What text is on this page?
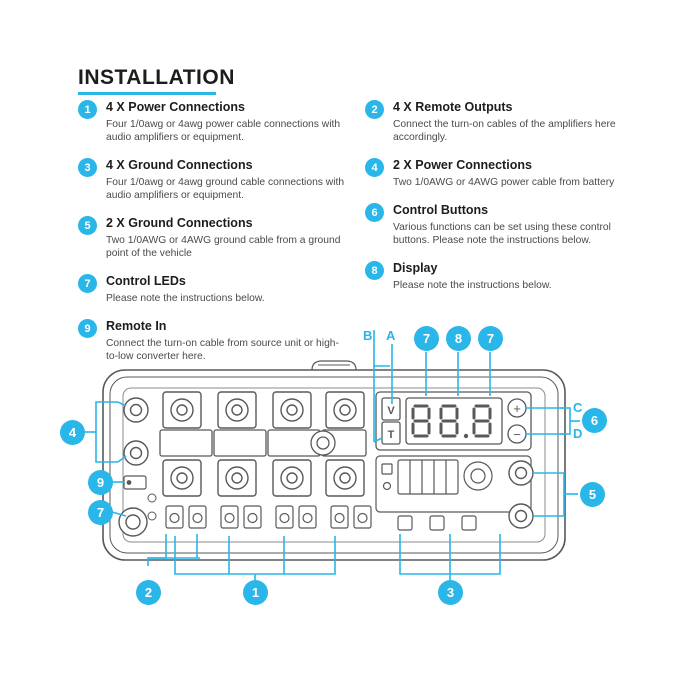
INSTALLATION
1	4 X Power Connections
Four 1/0awg or 4awg power cable connections with audio amplifiers or equipment.
3	4 X Ground Connections
Four 1/0awg or 4awg ground cable connections with audio amplifiers or equipment.
5	2 X Ground Connections
Two 1/0AWG or 4AWG ground cable from a ground point of the vehicle
7	Control LEDs
Please note the instructions below.
9	Remote In
Connect the turn-on cable from source unit or high-to-low converter here.
2	4 X Remote Outputs
Connect the turn-on cables of the amplifiers here accordingly.
4	2 X Power Connections
Two 1/0AWG or 4AWG power cable from battery
6	Control Buttons
Various functions can be set using these control buttons. Please note the instructions below.
8	Display
Please note the instructions below.
V
T
+
−
B A
C
D
7	8	7
6
5
4
9
7
2	1	3
